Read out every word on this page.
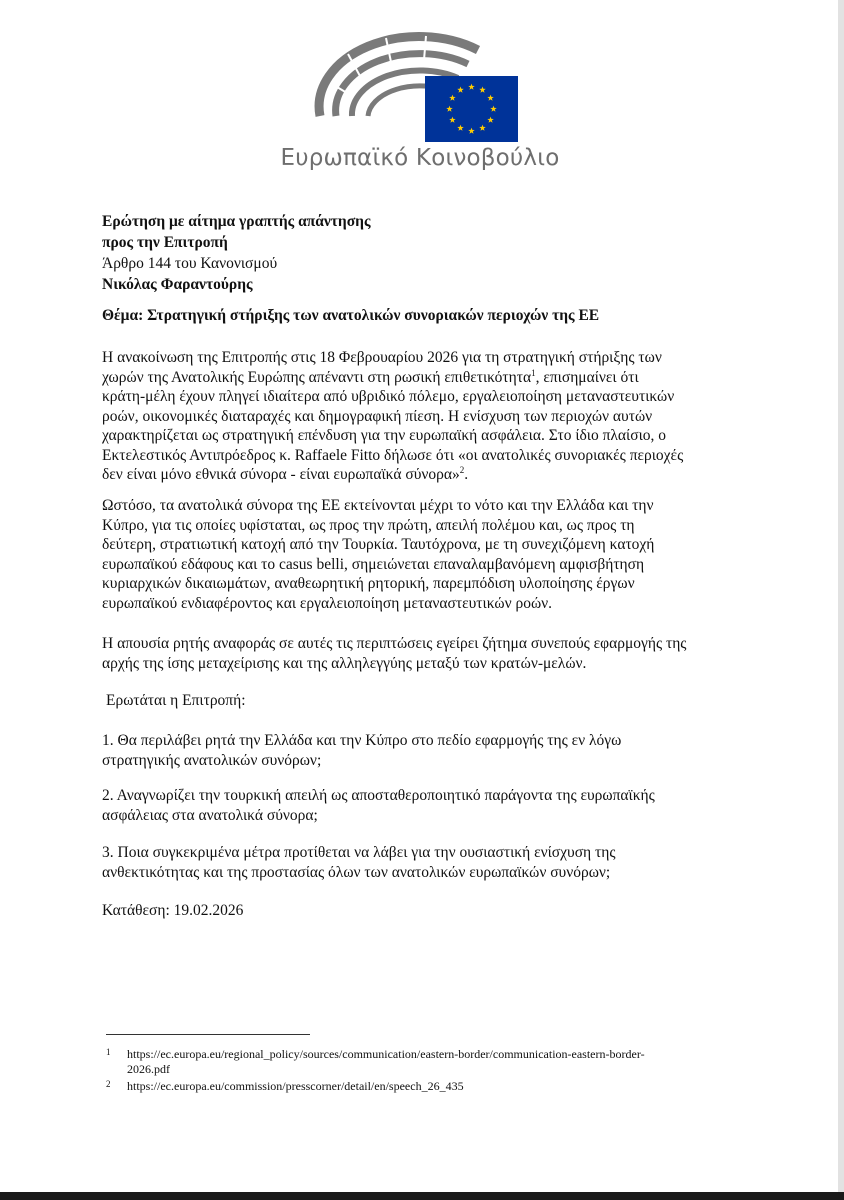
Ευρωπαϊκό Κοινοβούλιο
Ερώτηση με αίτημα γραπτής απάντησης
προς την Επιτροπή
Άρθρο 144 του Κανονισμού
Νικόλας Φαραντούρης
Θέμα: Στρατηγική στήριξης των ανατολικών συνοριακών περιοχών της ΕΕ
Η ανακοίνωση της Επιτροπής στις 18 Φεβρουαρίου 2026 για τη στρατηγική στήριξης των
χωρών της Ανατολικής Ευρώπης απέναντι στη ρωσική επιθετικότητα$^1$, επισημαίνει ότι
κράτη-μέλη έχουν πληγεί ιδιαίτερα από υβριδικό πόλεμο, εργαλειοποίηση μεταναστευτικών
ροών, οικονομικές διαταραχές και δημογραφική πίεση. Η ενίσχυση των περιοχών αυτών
χαρακτηρίζεται ως στρατηγική επένδυση για την ευρωπαϊκή ασφάλεια. Στο ίδιο πλαίσιο, ο
Εκτελεστικός Αντιπρόεδρος κ. Raffaele Fitto δήλωσε ότι «οι ανατολικές συνοριακές περιοχές
δεν είναι μόνο εθνικά σύνορα - είναι ευρωπαϊκά σύνορα»$^2$.
Ωστόσο, τα ανατολικά σύνορα της ΕΕ εκτείνονται μέχρι το νότο και την Ελλάδα και την
Κύπρο, για τις οποίες υφίσταται, ως προς την πρώτη, απειλή πολέμου και, ως προς τη
δεύτερη, στρατιωτική κατοχή από την Τουρκία. Ταυτόχρονα, με τη συνεχιζόμενη κατοχή
ευρωπαϊκού εδάφους και το casus belli, σημειώνεται επαναλαμβανόμενη αμφισβήτηση
κυριαρχικών δικαιωμάτων, αναθεωρητική ρητορική, παρεμπόδιση υλοποίησης έργων
ευρωπαϊκού ενδιαφέροντος και εργαλειοποίηση μεταναστευτικών ροών.
Η απουσία ρητής αναφοράς σε αυτές τις περιπτώσεις εγείρει ζήτημα συνεπούς εφαρμογής της
αρχής της ίσης μεταχείρισης και της αλληλεγγύης μεταξύ των κρατών-μελών.
Ερωτάται η Επιτροπή:
1. Θα περιλάβει ρητά την Ελλάδα και την Κύπρο στο πεδίο εφαρμογής της εν λόγω
στρατηγικής ανατολικών συνόρων;
2. Αναγνωρίζει την τουρκική απειλή ως αποσταθεροποιητικό παράγοντα της ευρωπαϊκής
ασφάλειας στα ανατολικά σύνορα;
3. Ποια συγκεκριμένα μέτρα προτίθεται να λάβει για την ουσιαστική ενίσχυση της
ανθεκτικότητας και της προστασίας όλων των ανατολικών ευρωπαϊκών συνόρων;
Κατάθεση: 19.02.2026
1 https://ec.europa.eu/regional_policy/sources/communication/eastern-border/communication-eastern-border-
2026.pdf
2 https://ec.europa.eu/commission/presscorner/detail/en/speech_26_435
